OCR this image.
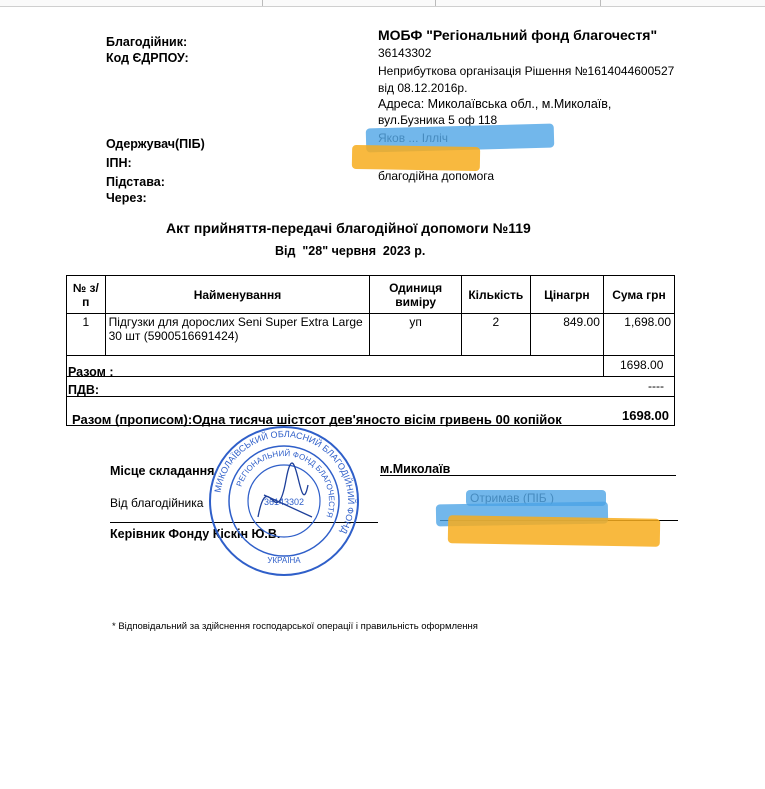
Благодійник:
Код ЄДРПОУ:
МОБФ "Регіональний фонд благочестя"
36143302
Неприбуткова організація Рішення №1614044600527
від 08.12.2016р.
Адреса: Миколаївська обл., м.Миколаїв,
вул.Бузника 5 оф 118
Одержувач(ПІБ)
ІПН:
Підстава:
Через:
благодійна допомога
Акт прийняття-передачі благодійної допомоги №119
Від  "28" червня  2023 р.
№ з/п	Найменування	Одиниця виміру	Кількість	Цінагрн	Сума грн
1	Підгузки для дорослих Seni Super Extra Large 30 шт (5900516691424)	уп	2	849.00	1,698.00
Разом :	1698.00
ПДВ:	----
Разом (прописом):Одна тисяча шістсот дев'яносто вісім гривень 00 копійок	1698.00
Місце складання	м.Миколаїв
Від благодійника
Керівник Фонду Кіскін Ю.В.
* Відповідальний за здійснення господарської операції і правильність оформлення
МИКОЛАЇВСЬКИЙ ОБЛАСНИЙ БЛАГОДІЙНИЙ ФОНД
РЕГІОНАЛЬНИЙ ФОНД БЛАГОЧЕСТЯ
36143302
УКРАЇНА
